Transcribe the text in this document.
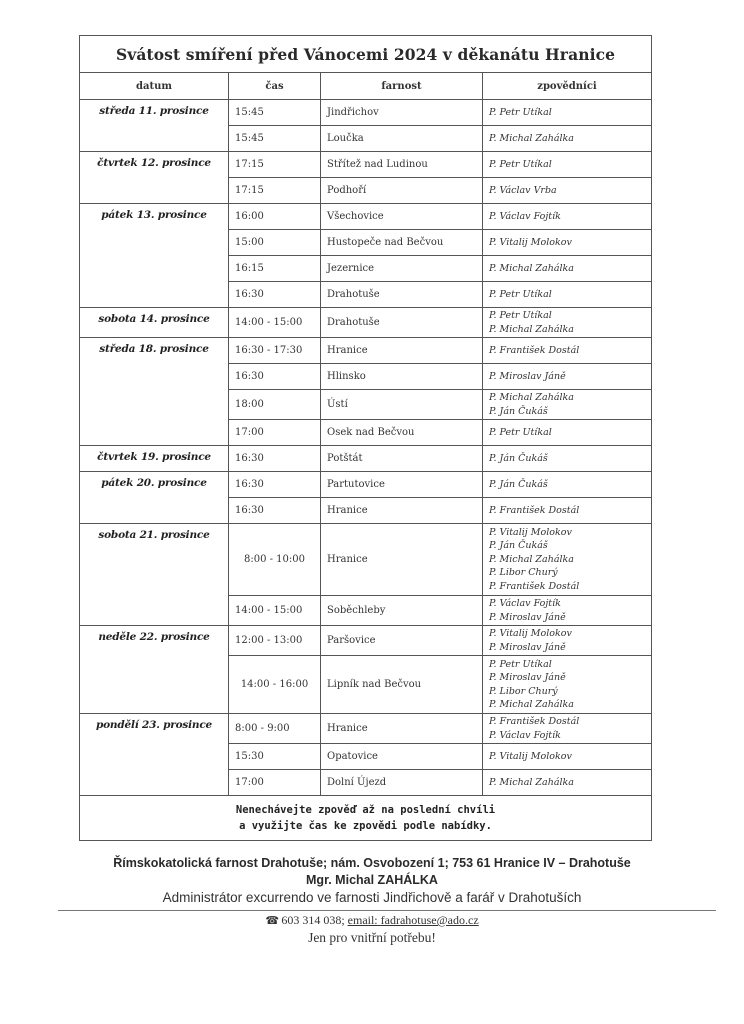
Svátost smíření před Vánocemi 2024 v děkanátu Hranice			
datum	čas	farnost	zpovědníci
středa 11. prosince	15:45	Jindřichov	P. Petr Utíkal

	15:45	Loučka	P. Michal Zahálka

čtvrtek 12. prosince	17:15	Střítež nad Ludinou	P. Petr Utíkal

	17:15	Podhoří	P. Václav Vrba

pátek 13. prosince	16:00	Všechovice	P. Václav Fojtík

	15:00	Hustopeče nad Bečvou	P. Vitalij Molokov

	16:15	Jezernice	P. Michal Zahálka

	16:30	Drahotuše	P. Petr Utíkal

sobota 14. prosince	14:00 - 15:00	Drahotuše	P. Petr Utíkal
P. Michal Zahálka

středa 18. prosince	16:30 - 17:30	Hranice	P. František Dostál

	16:30	Hlinsko	P. Miroslav Jáně

	18:00	Ústí	P. Michal Zahálka
P. Ján Čukáš

	17:00	Osek nad Bečvou	P. Petr Utíkal

čtvrtek 19. prosince	16:30	Potštát	P. Ján Čukáš

pátek 20. prosince	16:30	Partutovice	P. Ján Čukáš

	16:30	Hranice	P. František Dostál

sobota 21. prosince	8:00 - 10:00	Hranice	P. Vitalij Molokov
P. Ján Čukáš
P. Michal Zahálka
P. Libor Churý
P. František Dostál

	14:00 - 15:00	Soběchleby	P. Václav Fojtík
P. Miroslav Jáně

neděle 22. prosince	12:00 - 13:00	Paršovice	P. Vitalij Molokov
P. Miroslav Jáně

	14:00 - 16:00	Lipník nad Bečvou	P. Petr Utíkal
P. Miroslav Jáně
P. Libor Churý
P. Michal Zahálka

pondělí 23. prosince	8:00 - 9:00	Hranice	P. František Dostál
P. Václav Fojtík

	15:30	Opatovice	P. Vitalij Molokov

	17:00	Dolní Újezd	P. Michal Zahálka

Nenechávejte zpověď až na poslední chvíli
a využijte čas ke zpovědi podle nabídky.			
Římskokatolická farnost Drahotuše; nám. Osvobození 1; 753 61 Hranice IV – Drahotuše
Mgr. Michal ZAHÁLKA
Administrátor excurrendo ve farnosti Jindřichově a farář v Drahotuších
☎ 603 314 038; email: fadrahotuse@ado.cz
Jen pro vnitřní potřebu!
